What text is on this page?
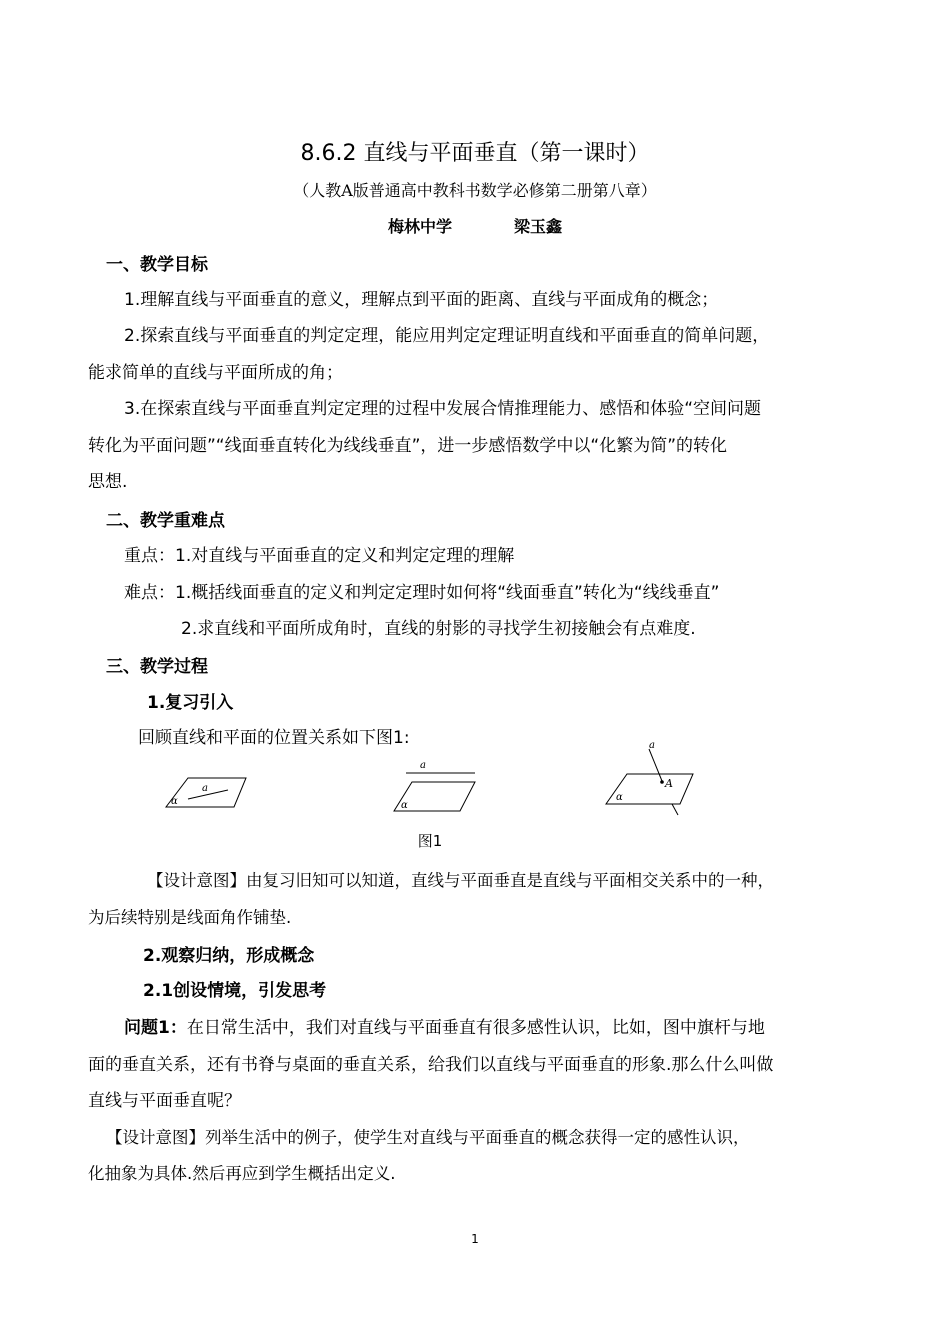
8.6.2 直线与平面垂直（第一课时）
（人教A版普通高中教科书数学必修第二册第八章）
梅林中学	梁玉鑫
一、教学目标
1.理解直线与平面垂直的意义，理解点到平面的距离、直线与平面成角的概念；
2.探索直线与平面垂直的判定定理，能应用判定定理证明直线和平面垂直的简单问题，
能求简单的直线与平面所成的角；
3.在探索直线与平面垂直判定定理的过程中发展合情推理能力、感悟和体验“空间问题
转化为平面问题”“线面垂直转化为线线垂直”，进一步感悟数学中以“化繁为简”的转化
思想.
二、教学重难点
重点：1.对直线与平面垂直的定义和判定定理的理解
难点：1.概括线面垂直的定义和判定定理时如何将“线面垂直”转化为“线线垂直”
2.求直线和平面所成角时，直线的射影的寻找学生初接触会有点难度.
三、教学过程
1.复习引入
回顾直线和平面的位置关系如下图1:
a
α
a
α
a
A
α
图1
【设计意图】由复习旧知可以知道，直线与平面垂直是直线与平面相交关系中的一种，
为后续特别是线面角作铺垫.
2.观察归纳，形成概念
2.1创设情境，引发思考
问题1：在日常生活中，我们对直线与平面垂直有很多感性认识，比如，图中旗杆与地
面的垂直关系，还有书脊与桌面的垂直关系，给我们以直线与平面垂直的形象.那么什么叫做
直线与平面垂直呢？
【设计意图】列举生活中的例子，使学生对直线与平面垂直的概念获得一定的感性认识，
化抽象为具体.然后再应到学生概括出定义.
1
